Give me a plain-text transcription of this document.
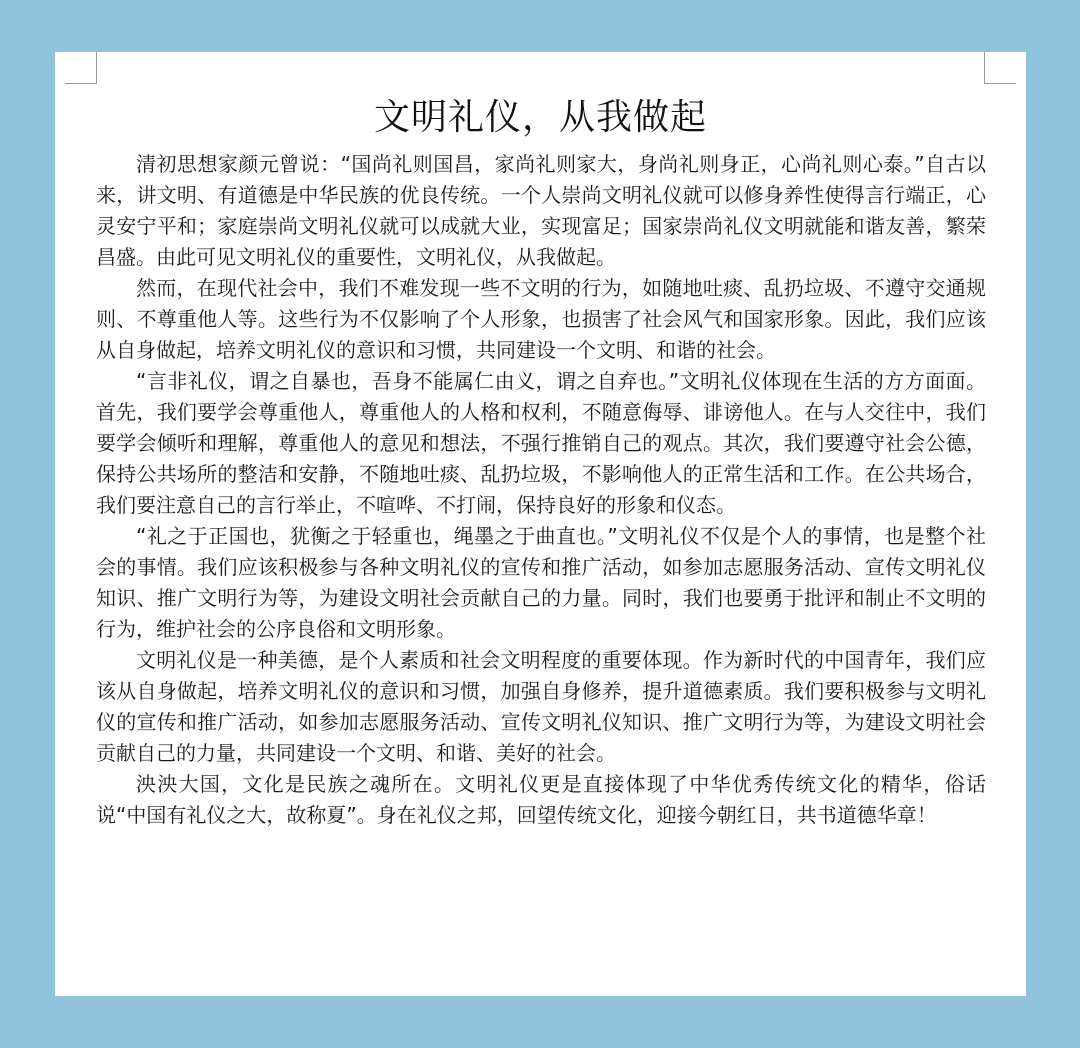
文明礼仪，从我做起

清初思想家颜元曾说：“国尚礼则国昌，家尚礼则家大，身尚礼则身正，心尚礼则心泰。”自古以来，讲文明、有道德是中华民族的优良传统。一个人崇尚文明礼仪就可以修身养性使得言行端正，心灵安宁平和；家庭崇尚文明礼仪就可以成就大业，实现富足；国家崇尚礼仪文明就能和谐友善，繁荣昌盛。由此可见文明礼仪的重要性，文明礼仪，从我做起。

然而，在现代社会中，我们不难发现一些不文明的行为，如随地吐痰、乱扔垃圾、不遵守交通规则、不尊重他人等。这些行为不仅影响了个人形象，也损害了社会风气和国家形象。因此，我们应该从自身做起，培养文明礼仪的意识和习惯，共同建设一个文明、和谐的社会。

“言非礼仪，谓之自暴也，吾身不能属仁由义，谓之自弃也。”文明礼仪体现在生活的方方面面。首先，我们要学会尊重他人，尊重他人的人格和权利，不随意侮辱、诽谤他人。在与人交往中，我们要学会倾听和理解，尊重他人的意见和想法，不强行推销自己的观点。其次，我们要遵守社会公德，保持公共场所的整洁和安静，不随地吐痰、乱扔垃圾，不影响他人的正常生活和工作。在公共场合，我们要注意自己的言行举止，不喧哗、不打闹，保持良好的形象和仪态。

“礼之于正国也，犹衡之于轻重也，绳墨之于曲直也。”文明礼仪不仅是个人的事情，也是整个社会的事情。我们应该积极参与各种文明礼仪的宣传和推广活动，如参加志愿服务活动、宣传文明礼仪知识、推广文明行为等，为建设文明社会贡献自己的力量。同时，我们也要勇于批评和制止不文明的行为，维护社会的公序良俗和文明形象。

文明礼仪是一种美德，是个人素质和社会文明程度的重要体现。作为新时代的中国青年，我们应该从自身做起，培养文明礼仪的意识和习惯，加强自身修养，提升道德素质。我们要积极参与文明礼仪的宣传和推广活动，如参加志愿服务活动、宣传文明礼仪知识、推广文明行为等，为建设文明社会贡献自己的力量，共同建设一个文明、和谐、美好的社会。

泱泱大国，文化是民族之魂所在。文明礼仪更是直接体现了中华优秀传统文化的精华，俗话说“中国有礼仪之大，故称夏”。身在礼仪之邦，回望传统文化，迎接今朝红日，共书道德华章！
